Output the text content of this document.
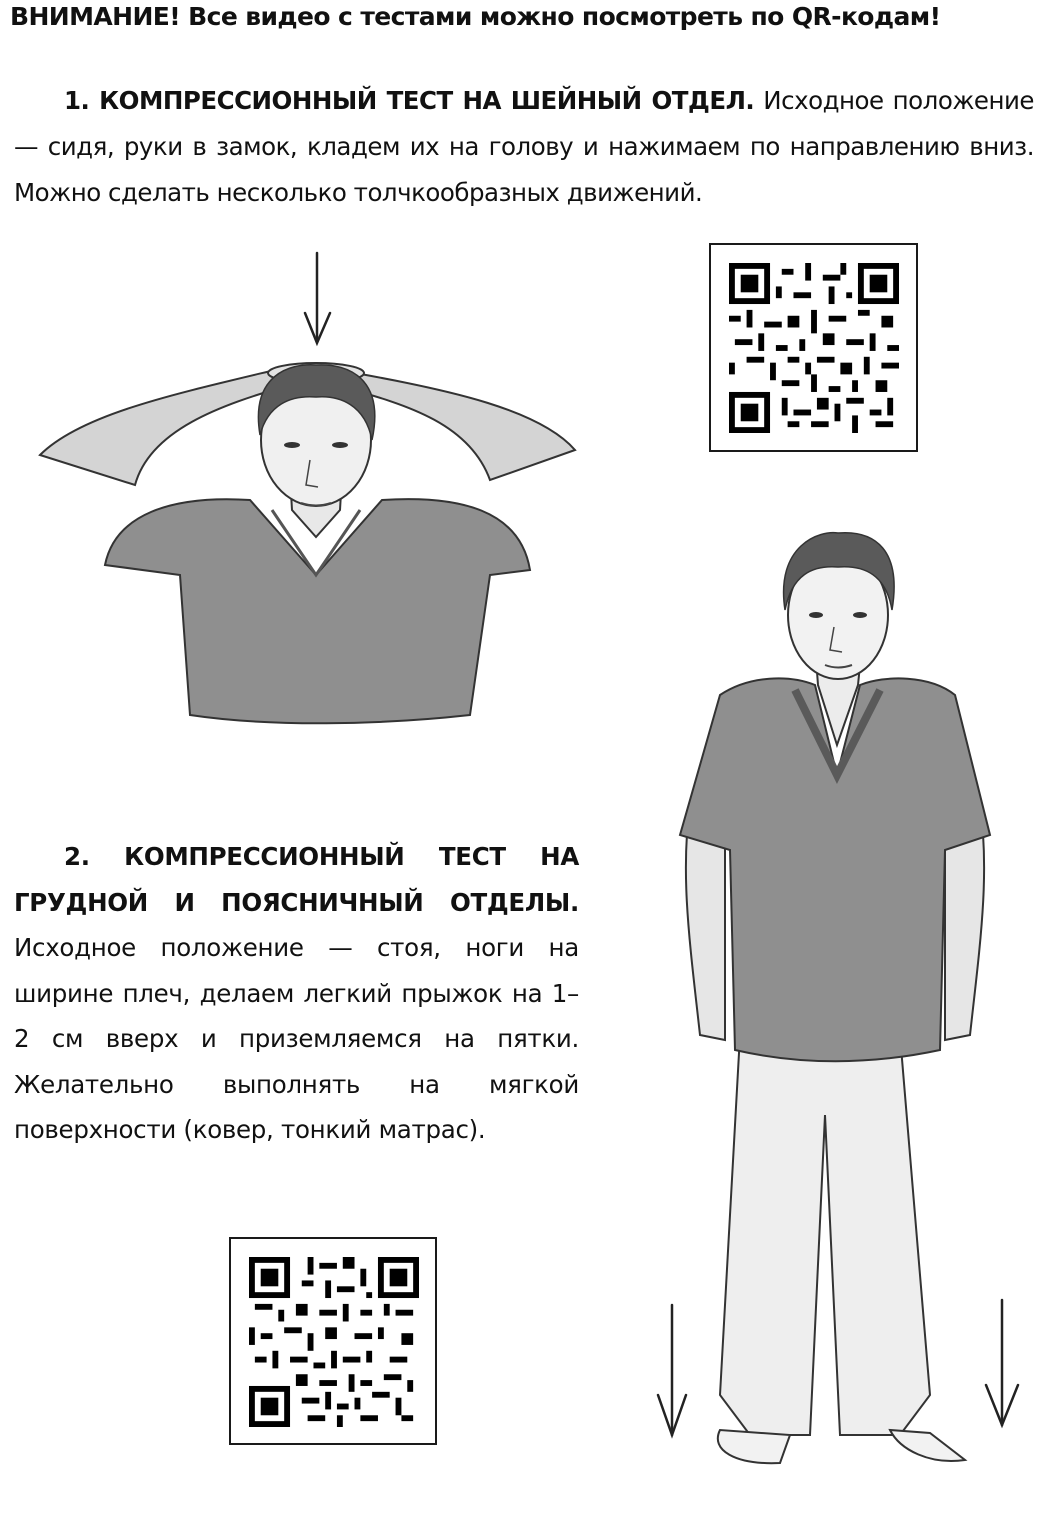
ВНИМАНИЕ! Все видео с тестами можно посмотреть по QR-кодам!

1. КОМПРЕССИОННЫЙ ТЕСТ НА ШЕЙНЫЙ ОТДЕЛ. Исходное положение — сидя, руки в замок, кладем их на голову и нажимаем по направлению вниз. Можно сделать несколько толчкообразных движений.

2. КОМПРЕССИОННЫЙ ТЕСТ НА ГРУДНОЙ И ПОЯСНИЧНЫЙ ОТДЕЛЫ. Исходное положение — стоя, ноги на ширине плеч, делаем легкий прыжок на 1–2 см вверх и приземляемся на пятки. Желательно выполнять на мягкой поверхности (ковер, тонкий матрас).
